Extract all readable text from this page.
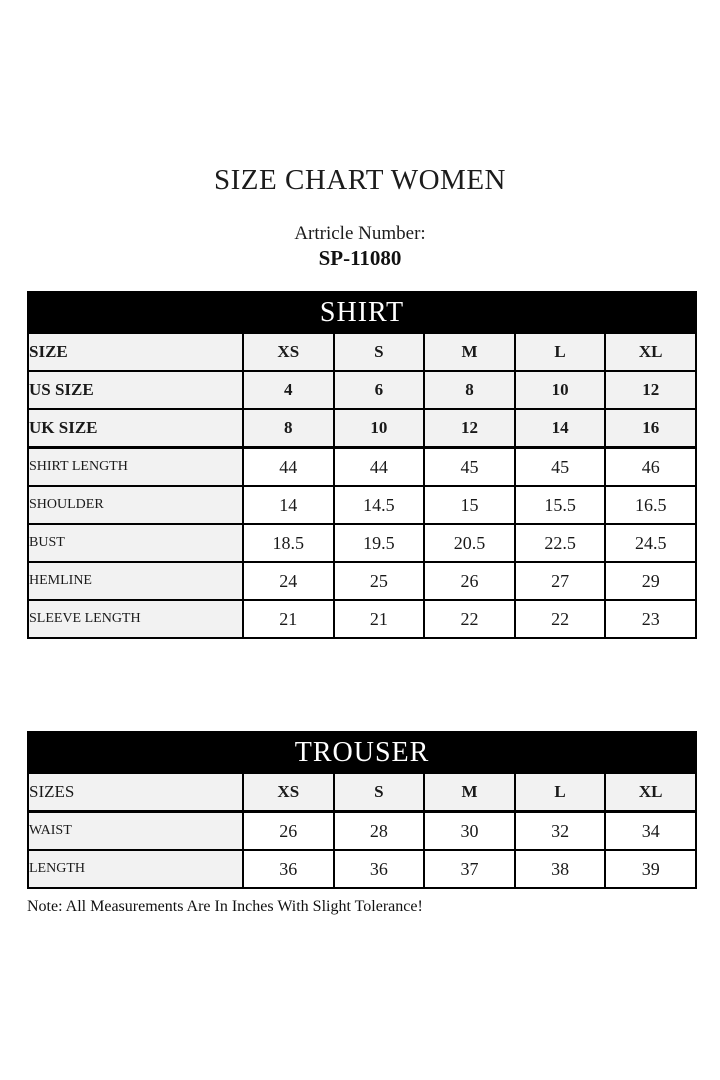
SIZE CHART WOMEN
Artricle Number:
SP-11080
SHIRT					
SIZE	XS	S	M	L	XL
US SIZE	4	6	8	10	12
UK SIZE	8	10	12	14	16
SHIRT LENGTH	44	44	45	45	46
SHOULDER	14	14.5	15	15.5	16.5
BUST	18.5	19.5	20.5	22.5	24.5
HEMLINE	24	25	26	27	29
SLEEVE LENGTH	21	21	22	22	23
TROUSER					
SIZES	XS	S	M	L	XL
WAIST	26	28	30	32	34
LENGTH	36	36	37	38	39
Note: All Measurements Are In Inches With Slight Tolerance!
